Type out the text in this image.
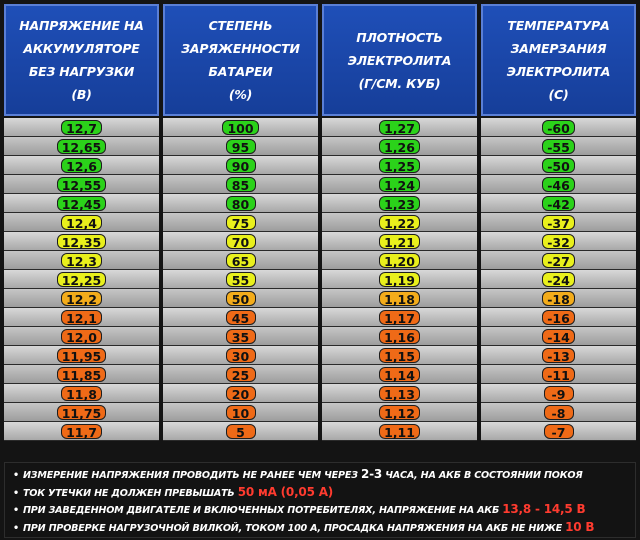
НАПРЯЖЕНИЕ НА
АККУМУЛЯТОРЕ
БЕЗ НАГРУЗКИ
(В)
СТЕПЕНЬ
ЗАРЯЖЕННОСТИ
БАТАРЕИ
(%)
ПЛОТНОСТЬ
ЭЛЕКТРОЛИТА
(Г/СМ. КУБ)
ТЕМПЕРАТУРА
ЗАМЕРЗАНИЯ
ЭЛЕКТРОЛИТА
(С)
12,7
12,65
12,6
12,55
12,45
12,4
12,35
12,3
12,25
12,2
12,1
12,0
11,95
11,85
11,8
11,75
11,7
100
95
90
85
80
75
70
65
55
50
45
35
30
25
20
10
5
1,27
1,26
1,25
1,24
1,23
1,22
1,21
1,20
1,19
1,18
1,17
1,16
1,15
1,14
1,13
1,12
1,11
-60
-55
-50
-46
-42
-37
-32
-27
-24
-18
-16
-14
-13
-11
-9
-8
-7
• ИЗМЕРЕНИЕ НАПРЯЖЕНИЯ ПРОВОДИТЬ НЕ РАНЕЕ ЧЕМ ЧЕРЕЗ 2-3 ЧАСА, НА АКБ В СОСТОЯНИИ ПОКОЯ
• ТОК УТЕЧКИ НЕ ДОЛЖЕН ПРЕВЫШАТЬ 50 мА (0,05 А)
• ПРИ ЗАВЕДЕННОМ ДВИГАТЕЛЕ И ВКЛЮЧЕННЫХ ПОТРЕБИТЕЛЯХ, НАПРЯЖЕНИЕ НА АКБ 13,8 - 14,5 В
• ПРИ ПРОВЕРКЕ НАГРУЗОЧНОЙ ВИЛКОЙ, ТОКОМ 100 А, ПРОСАДКА НАПРЯЖЕНИЯ НА АКБ НЕ НИЖЕ 10 В
